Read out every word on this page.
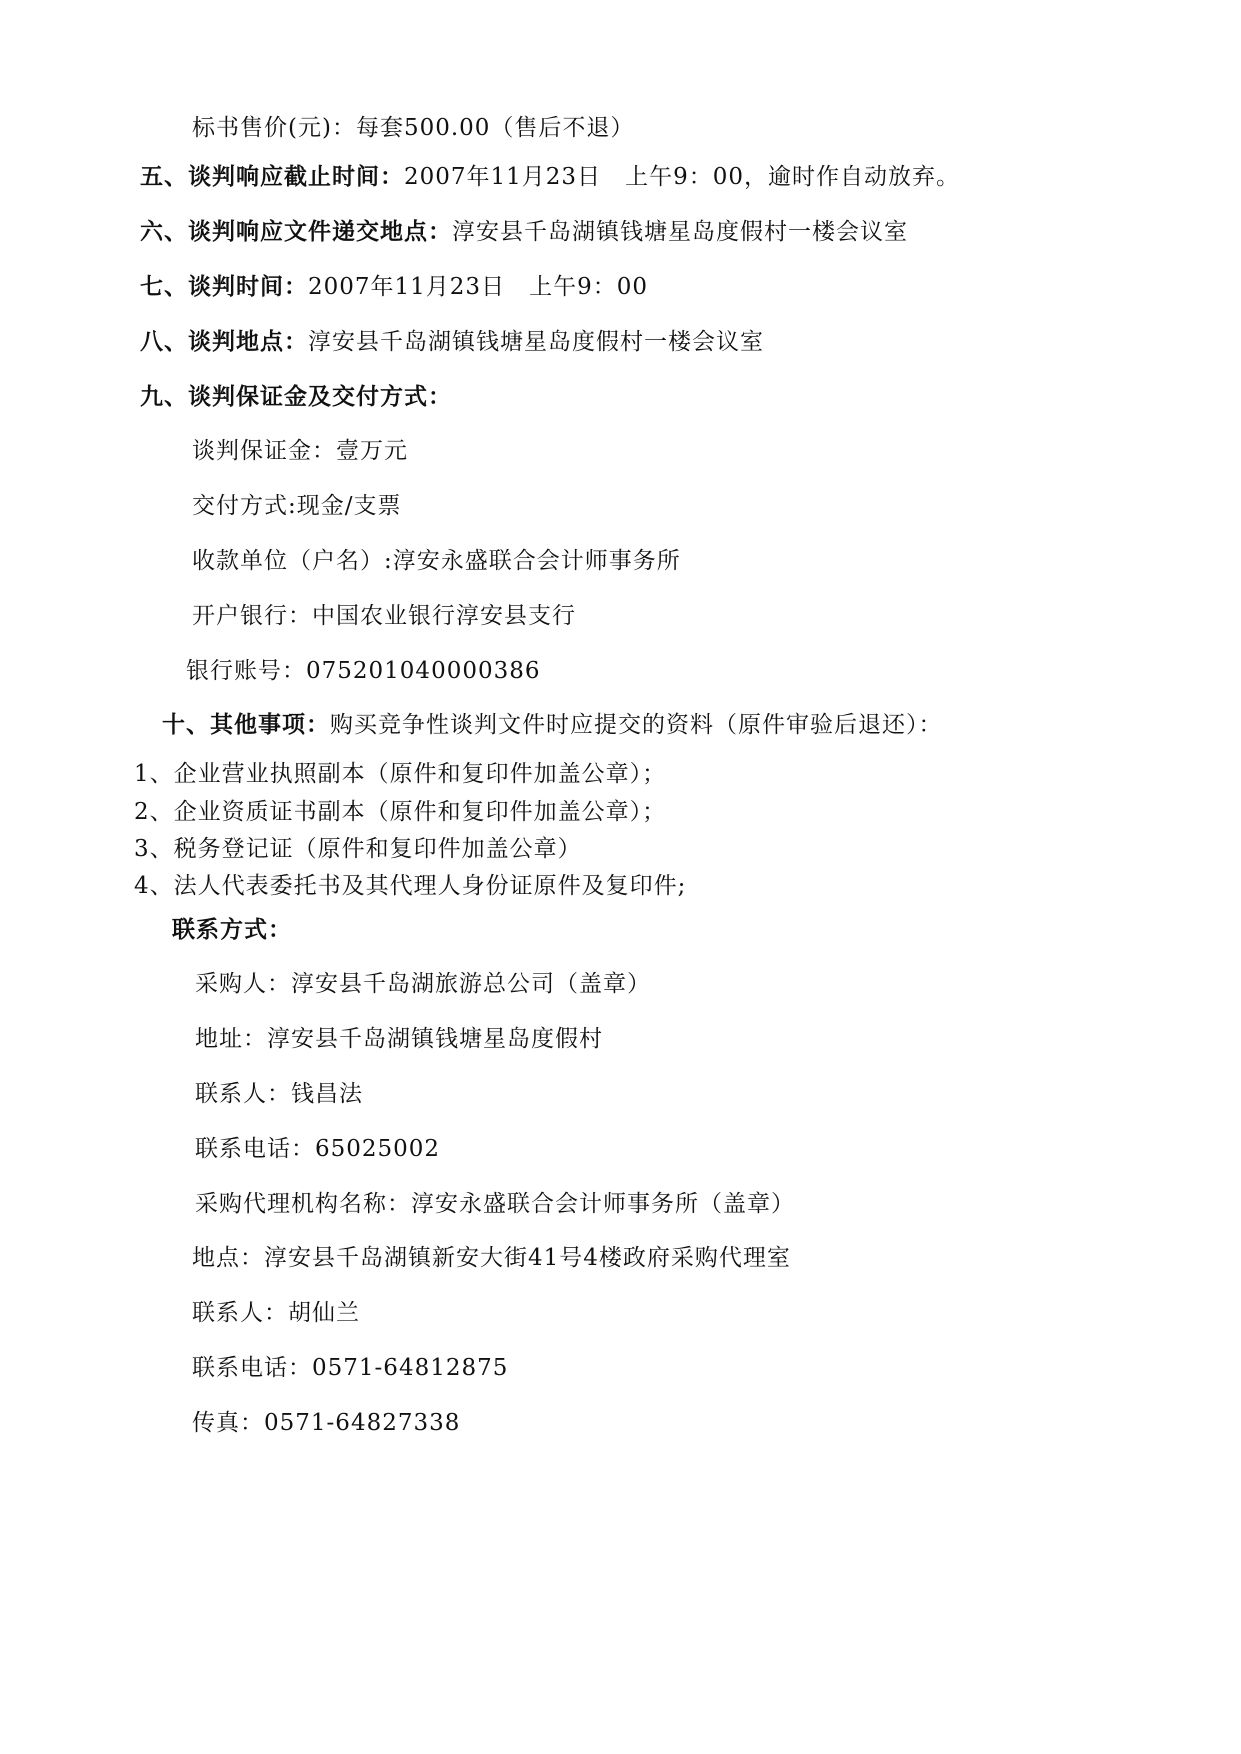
标书售价(元)：每套500.00（售后不退）
五、谈判响应截止时间：2007年11月23日　上午9：00，逾时作自动放弃。
六、谈判响应文件递交地点：淳安县千岛湖镇钱塘星岛度假村一楼会议室
七、谈判时间：2007年11月23日　上午9：00
八、谈判地点：淳安县千岛湖镇钱塘星岛度假村一楼会议室
九、谈判保证金及交付方式：
谈判保证金：壹万元
交付方式:现金/支票
收款单位（户名）:淳安永盛联合会计师事务所
开户银行：中国农业银行淳安县支行
银行账号：075201040000386
十、其他事项：购买竞争性谈判文件时应提交的资料（原件审验后退还）：
1、企业营业执照副本（原件和复印件加盖公章）；
2、企业资质证书副本（原件和复印件加盖公章）；
3、税务登记证（原件和复印件加盖公章）
4、法人代表委托书及其代理人身份证原件及复印件;
联系方式：
采购人：淳安县千岛湖旅游总公司（盖章）
地址：淳安县千岛湖镇钱塘星岛度假村
联系人：钱昌法
联系电话：65025002
采购代理机构名称：淳安永盛联合会计师事务所（盖章）
地点：淳安县千岛湖镇新安大街41号4楼政府采购代理室
联系人：胡仙兰
联系电话：0571-64812875
传真：0571-64827338
